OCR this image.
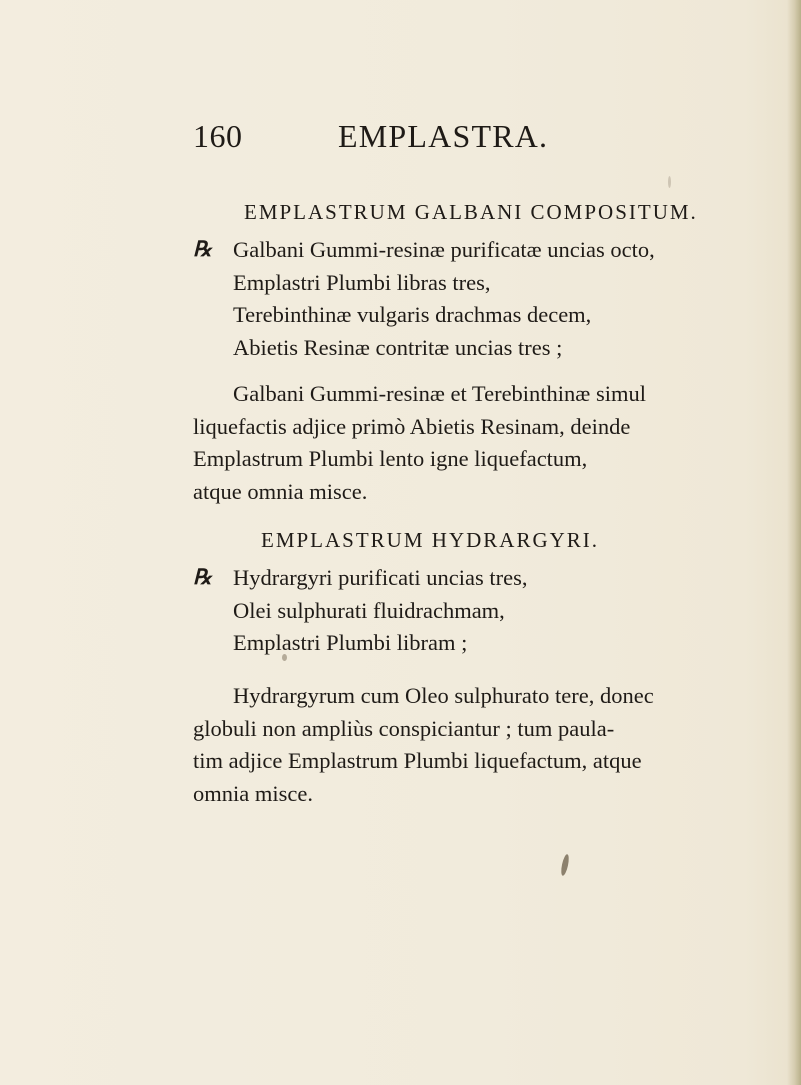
160	EMPLASTRA.
EMPLASTRUM GALBANI COMPOSITUM.
℞ Galbani Gummi-resinæ purificatæ uncias octo,
Emplastri Plumbi libras tres,
Terebinthinæ vulgaris drachmas decem,
Abietis Resinæ contritæ uncias tres ;
Galbani Gummi-resinæ et Terebinthinæ simul
liquefactis adjice primò Abietis Resinam, deinde
Emplastrum Plumbi lento igne liquefactum,
atque omnia misce.
EMPLASTRUM HYDRARGYRI.
℞ Hydrargyri purificati uncias tres,
Olei sulphurati fluidrachmam,
Emplastri Plumbi libram ;
Hydrargyrum cum Oleo sulphurato tere, donec
globuli non ampliùs conspiciantur ; tum paula-
tim adjice Emplastrum Plumbi liquefactum, atque
omnia misce.
